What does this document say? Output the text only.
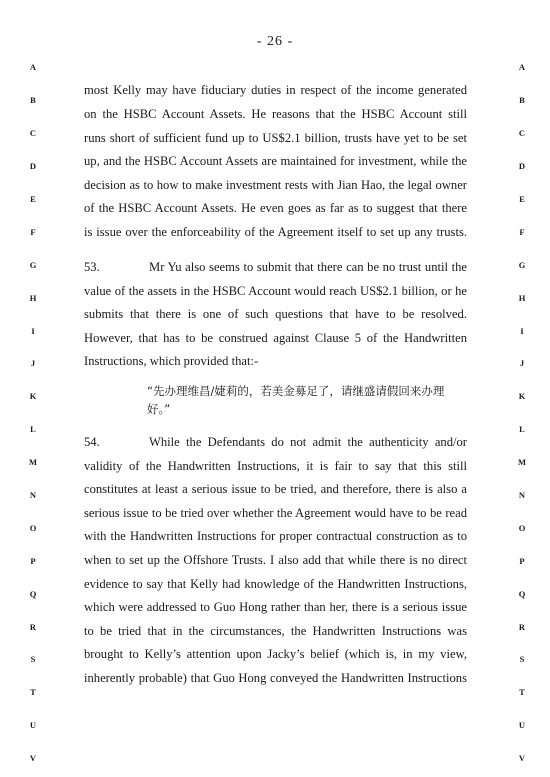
- 26 -
A
B
C
D
E
F
G
H
I
J
K
L
M
N
O
P
Q
R
S
T
U
V
A
B
C
D
E
F
G
H
I
J
K
L
M
N
O
P
Q
R
S
T
U
V
most Kelly may have fiduciary duties in respect of the income generated
on the HSBC Account Assets. He reasons that the HSBC Account still
runs short of sufficient fund up to US$2.1 billion, trusts have yet to be set
up, and the HSBC Account Assets are maintained for investment, while the
decision as to how to make investment rests with Jian Hao, the legal owner
of the HSBC Account Assets. He even goes as far as to suggest that there
is issue over the enforceability of the Agreement itself to set up any trusts.
53.	Mr Yu also seems to submit that there can be no trust until the
value of the assets in the HSBC Account would reach US$2.1 billion, or he
submits that there is one of such questions that have to be resolved.
However, that has to be construed against Clause 5 of the Handwritten
Instructions, which provided that:-
“先办理维昌/婕莉的，若美金募足了，请继盛请假回来办理
好。”
54.	While the Defendants do not admit the authenticity and/or
validity of the Handwritten Instructions, it is fair to say that this still
constitutes at least a serious issue to be tried, and therefore, there is also a
serious issue to be tried over whether the Agreement would have to be read
with the Handwritten Instructions for proper contractual construction as to
when to set up the Offshore Trusts. I also add that while there is no direct
evidence to say that Kelly had knowledge of the Handwritten Instructions,
which were addressed to Guo Hong rather than her, there is a serious issue
to be tried that in the circumstances, the Handwritten Instructions was
brought to Kelly’s attention upon Jacky’s belief (which is, in my view,
inherently probable) that Guo Hong conveyed the Handwritten Instructions
